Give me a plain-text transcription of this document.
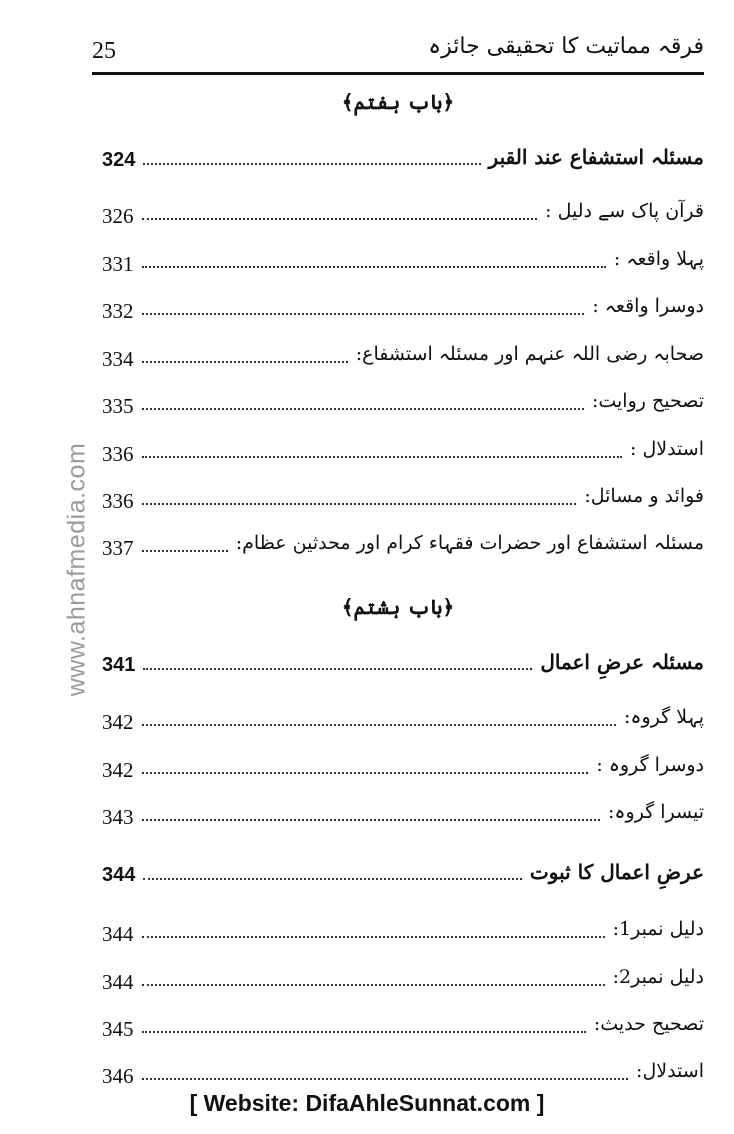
25	فرقہ مماتیت کا تحقیقی جائزہ
www.ahnafmedia.com
﴿باب ہفتم﴾
مسئلہ استشفاع عند القبر
324
قرآن پاک سے دلیل :
326
پہلا واقعہ :
331
دوسرا واقعہ :
332
صحابہ رضی اللہ عنہم اور مسئلہ استشفاع:
334
تصحیح روایت:
335
استدلال :
336
فوائد و مسائل:
336
مسئلہ استشفاع اور حضرات فقہاء کرام اور محدثین عظام:
337
﴿باب ہشتم﴾
مسئلہ عرضِ اعمال
341
پہلا گروہ:
342
دوسرا گروہ :
342
تیسرا گروہ:
343
عرضِ اعمال کا ثبوت
344
دلیل نمبر1:
344
دلیل نمبر2:
344
تصحیح حدیث:
345
استدلال:
346
[ Website: DifaAhleSunnat.com ]
